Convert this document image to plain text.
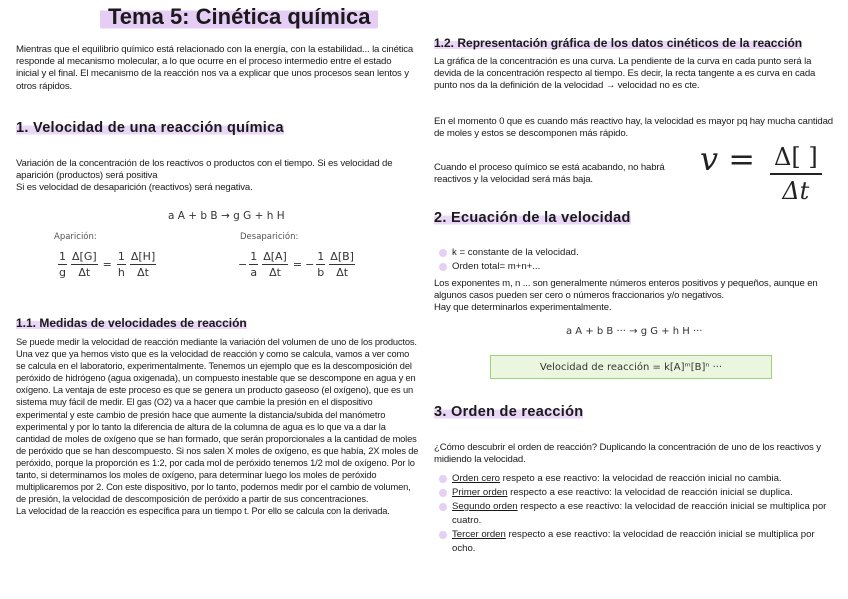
Tema 5: Cinética química
Mientras que el equilibrio químico está relacionado con la energía, con la estabilidad... la cinética responde al mecanismo molecular, a lo que ocurre en el proceso intermedio entre el estado inicial y el final. El mecanismo de la reacción nos va a explicar que unos procesos sean lentos y otros rápidos.
1. Velocidad de una reacción química
Variación de la concentración de los reactivos o productos con el tiempo. Si es velocidad de aparición (productos) será positiva
Si es velocidad de desaparición (reactivos) será negativa.
a A + b B → g G + h H
Aparición:	Desaparición:
$\frac{1}{g} \frac{\Delta[G]}{\Delta t} = \frac{1}{h} \frac{\Delta[H]}{\Delta t}$	− $\frac{1}{a} \frac{\Delta[A]}{\Delta t}$ = − $\frac{1}{b} \frac{\Delta[B]}{\Delta t}$
1.1. Medidas de velocidades de reacción
Se puede medir la velocidad de reacción mediante la variación del volumen de uno de los productos.
Una vez que ya hemos visto que es la velocidad de reacción y como se calcula, vamos a ver como se calcula en el laboratorio, experimentalmente. Tenemos un ejemplo que es la descomposición del peróxido de hidrógeno (agua oxigenada), un compuesto inestable que se descompone en agua y en oxígeno. La ventaja de este proceso es que se genera un producto gaseoso (el oxígeno), que es un sistema muy fácil de medir. El gas (O2) va a hacer que cambie la presión en el dispositivo experimental y este cambio de presión hace que aumente la distancia/subida del manómetro experimental y por lo tanto la diferencia de altura de la columna de agua es lo que va a dar la cantidad de moles de oxígeno que se han formado, que serán proporcionales a la cantidad de moles de peróxido que se han descompuesto. Si nos salen X moles de oxígeno, es que había, 2X moles de peróxido, porque la proporción es 1:2, por cada mol de peróxido tenemos 1/2 mol de oxígeno. Por lo tanto, si determinamos los moles de oxígeno, para determinar luego los moles de peróxido multiplicaremos por 2. Con este dispositivo, por lo tanto, podemos medir por el cambio de volumen, de presión, la velocidad de descomposición de peróxido a partir de sus concentraciones.
La velocidad de la reacción es específica para un tiempo t. Por ello se calcula con la derivada.
1.2. Representación gráfica de los datos cinéticos de la reacción
La gráfica de la concentración es una curva. La pendiente de la curva en cada punto será la devida de la concentración respecto al tiempo. Es decir, la recta tangente a es curva en cada punto nos da la definición de la velocidad → velocidad no es cte.
En el momento 0 que es cuando más reactivo hay, la velocidad es mayor pq hay mucha cantidad de moles y estos se descomponen más rápido.
Cuando el proceso químico se está acabando, no habrá reactivos y la velocidad será más baja.
$v = \frac{\Delta[ ]}{\Delta t}$
2. Ecuación de la velocidad
k = constante de la velocidad.
Orden total= m+n+...
Los exponentes m, n ... son generalmente números enteros positivos y pequeños, aunque en algunos casos pueden ser cero o números fraccionarios y/o negativos.
Hay que determinarlos experimentalmente.
a A + b B ··· → g G + h H ···
Velocidad de reacción = k[A]ᵐ[B]ⁿ ···
3. Orden de reacción
¿Cómo descubrir el orden de reacción? Duplicando la concentración de uno de los reactivos y midiendo la velocidad.
Orden cero respeto a ese reactivo: la velocidad de reacción inicial no cambia.
Primer orden respecto a ese reactivo: la velocidad de reacción inicial se duplica.
Segundo orden respecto a ese reactivo: la velocidad de reacción inicial se multiplica por cuatro.
Tercer orden respecto a ese reactivo: la velocidad de reacción inicial se multiplica por ocho.
